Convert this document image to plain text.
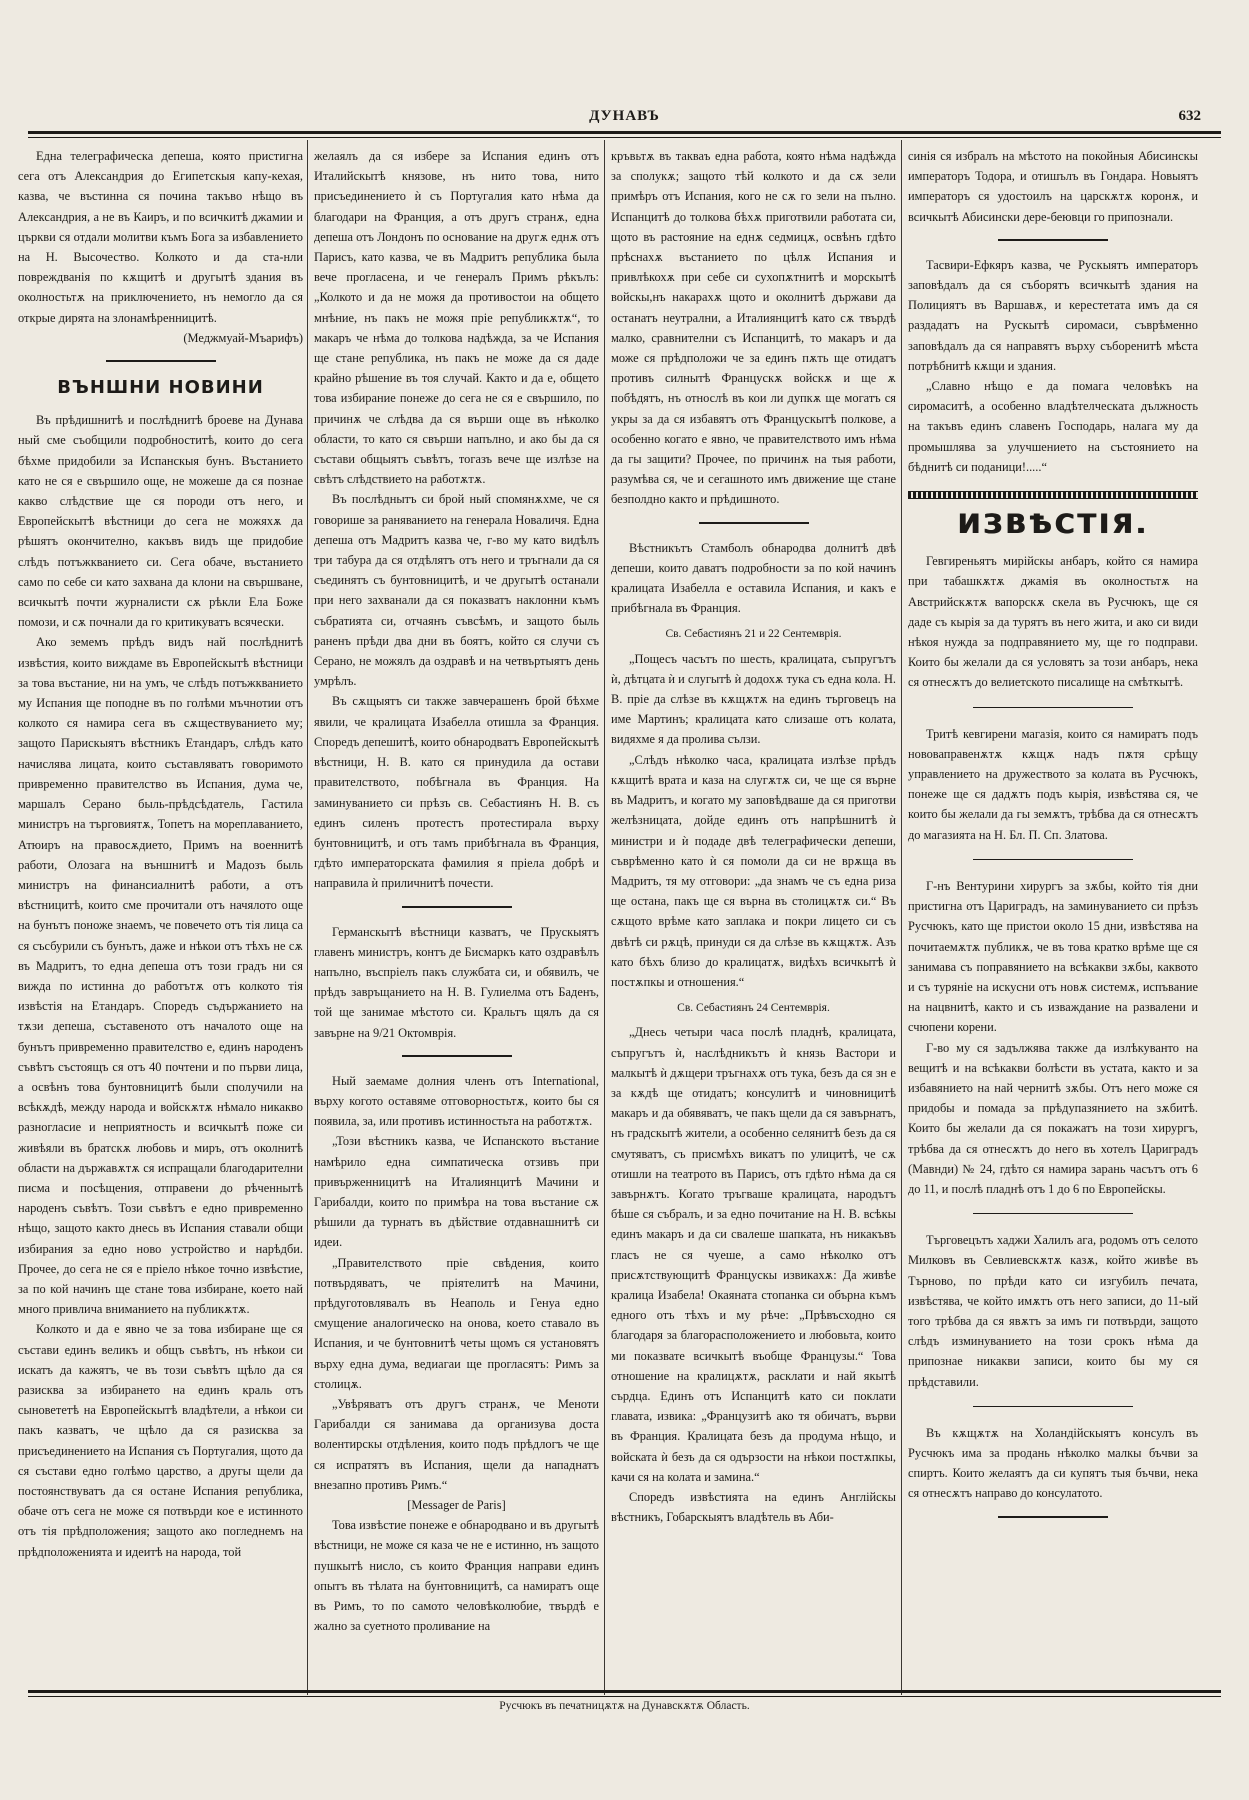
ДУНАВЪ	632

Една телеграфическа депеша, която пристигна сега отъ Александрия до Египетскыя капу-кехая, казва, че въстинна ся почина такъво нѣщо въ Александрия, а не въ Каиръ, и по всичкитѣ джамии и църкви ся отдали молитви къмъ Бога за избавлението на Н. Высочество. Колкото и да ста-нли повреждванія по кѫщитѣ и другытѣ здания въ околностьтѫ на приключението, нъ немогло да ся открые дирята на злонамѣренницитѣ.

(Меджмуай-Мъарифъ)

ВЪНШНИ НОВИНИ

Въ прѣдишнитѣ и послѣднитѣ броеве на Дунава ный сме съобщили подробноститѣ, които до сега бѣхме придобили за Испанскыя бунъ. Въстанието като не ся е свършило още, не можеше да ся познае какво слѣдствие ще ся породи отъ него, и Европейскытѣ вѣстници до сега не можяхѫ да рѣшятъ окончително, какъвъ видъ ще придобие слѣдъ потъжкванието си. Сега обаче, въстанието само по себе си като захвана да клони на свършване, всичкытѣ почти журналисти сѫ рѣкли Ела Боже помози, и сѫ почнали да го критикуватъ всячески.

Ако земемъ прѣдъ видъ най послѣднитѣ извѣстия, които виждаме въ Европейскытѣ вѣстници за това въстание, ни на умъ, че слѣдъ потъжкванието му Испания ще поподне въ по голѣми мъчнотии отъ колкото ся намира сега въ сѫществуванието му; защото Парискыятъ вѣстникъ Етандаръ, слѣдъ като начислява лицата, които съставляватъ говоримото привременно правителство въ Испания, дума че, маршалъ Серано быль-прѣдсѣдатель, Гастила министръ на търговиятѫ, Топетъ на мореплаванието, Атюиръ на правосѫдието, Примъ на военнитѣ работи, Олозага на външнитѣ и Мадозъ быль министръ на финансиалнитѣ работи, а отъ вѣстницитѣ, които сме прочитали отъ начялото още на бунътъ поноже знаемъ, че повечето отъ тія лица са ся съсбурили съ бунътъ, даже и нѣкои отъ тѣхъ не сѫ въ Мадритъ, то една депеша отъ този градъ ни ся вижда по истинна до работътѫ отъ колкото тія извѣстія на Етандаръ. Споредъ съдържанието на тѫзи депеша, съставеното отъ началото още на бунътъ привременно правителство е, единъ народенъ съвѣтъ състоящъ ся отъ 40 почтени и по първи лица, а освѣнъ това бунтовницитѣ были сполучили на всѣкѫдѣ, между народа и войскѫтѫ нѣмало никакво разногласие и неприятность и всичкытѣ поже си живѣяли въ братскѫ любовь и миръ, отъ околнитѣ области на държавѫтѫ ся испращали благодарителни писма и посѣщения, отправени до рѣченнытѣ народенъ съвѣтъ. Този съвѣтъ е едно привременно нѣщо, защото както днесь въ Испания ставали общи избирания за едно ново устройство и нарѣдби. Прочее, до сега не ся е пріело нѣкое точно извѣстие, за по кой начинъ ще стане това избиране, което най много привлича вниманието на публикѫтѫ.

Колкото и да е явно че за това избиране ще ся състави единъ великъ и общъ съвѣтъ, нъ нѣкои си искатъ да кажятъ, че въ този съвѣтъ щѣло да ся разисква за избирането на единъ краль отъ сыновететѣ на Европейскытѣ владѣтели, а нѣкои си пакъ казватъ, че щѣло да ся разисква за присъединението на Испания съ Португалия, щото да ся състави едно голѣмо царство, а другы щели да постоянствуватъ да ся остане Испания република, обаче отъ сега не може ся потвърди кое е истинното отъ тія прѣдположения; защото ако погледнемъ на прѣдположенията и идеитѣ на народа, той

желаялъ да ся избере за Испания единъ отъ Италийскытѣ князове, нъ нито това, нито присъединението ѝ съ Португалия като нѣма да благодари на Франция, а отъ другъ странѫ, една депеша отъ Лондонъ по основание на другѫ еднѫ отъ Парисъ, като казва, че въ Мадритъ република была вече прогласена, и че генералъ Примъ рѣкълъ: „Колкото и да не можя да противостои на общето мнѣние, нъ пакъ не можя пріе републикѫтѫ“, то макаръ че нѣма до толкова надѣжда, за че Испания ще стане република, нъ пакъ не може да ся даде крайно рѣшение въ тоя случай. Както и да е, общето това избирание понеже до сега не ся е свършило, по причинѫ че слѣдва да ся върши още въ нѣколко области, то като ся свърши напълно, и ако бы да ся състави общыятъ съвѣтъ, тогазъ вече ще излѣзе на свѣтъ слѣдствието на работѫтѫ.

Въ послѣднытъ си брой ный спомянѫхме, че ся говорише за раняванието на генерала Новаличя. Една депеша отъ Мадритъ казва че, г-во му като видѣлъ три табура да ся отдѣлятъ отъ него и тръгнали да ся съединятъ съ бунтовницитѣ, и че другытѣ останали при него захванали да ся показватъ наклонни къмъ събратията си, отчаянъ съвсѣмъ, и защото быль раненъ прѣди два дни въ боятъ, който ся случи съ Серано, не можялъ да оздравѣ и на четвъртыятъ день умрѣлъ.

Въ сѫщыятъ си также завчерашенъ брой бѣхме явили, че кралицата Изабелла отишла за Франция. Споредъ депешитѣ, които обнародватъ Европейскытѣ вѣстници, Н. В. като ся принудила да остави правителството, побѣгнала въ Франция. На заминуванието си прѣзъ св. Себастиянъ Н. В. съ единъ силенъ протестъ протестирала върху бунтовницитѣ, и отъ тамъ прибѣгнала въ Франция, гдѣто императорската фамилия я пріела добрѣ и направила ѝ приличнитѣ почести.

Германскытѣ вѣстници казватъ, че Прускыятъ главенъ министръ, контъ де Бисмаркъ като оздравѣлъ напълно, въспріелъ пакъ службата си, и обявилъ, че прѣдъ завръщанието на Н. В. Гулиелма отъ Баденъ, той ще занимае мѣстото си. Кральтъ щялъ да ся завърне на 9/21 Октомврія.

Ный заемаме долния членъ отъ International, върху когото оставяме отговорностьтѫ, които бы ся появила, за, или противъ истинностьта на работѫтѫ.

„Този вѣстникъ казва, че Испанското въстание намѣрило една симпатическа отзивъ при привърженницитѣ на Италиянцитѣ Мачини и Гарибалди, които по примѣра на това въстание сѫ рѣшили да турнатъ въ дѣйствие отдавнашнитѣ си идеи.

„Правителството пріе свѣдения, които потвърдяватъ, че пріятелитѣ на Мачини, прѣдуготовлявалъ въ Неаполь и Генуа едно смущение аналогическо на онова, което ставало въ Испания, и че бунтовнитѣ четы щомъ ся установятъ върху една дума, ведиагаи ще прогласятъ: Римъ за столицѫ.

„Увѣряватъ отъ другъ странѫ, че Меноти Гарибалди ся занимава да организува доста волентирскы отдѣления, които подъ прѣдлогъ че ще ся испратятъ въ Испания, щели да нападнатъ внезапно противъ Римъ.“

[Messager de Paris]

Това извѣстие понеже е обнародвано и въ другытѣ вѣстници, не може ся каза че не е истинно, нъ защото пушкытѣ нисло, съ които Франция направи единъ опытъ въ тѣлата на бунтовницитѣ, са намиратъ още въ Римъ, то по самото человѣколюбие, твърдѣ е жално за суетното проливание на

кръвьтѫ въ такваъ една работа, която нѣма надѣжда за сполукѫ; защото тѣй колкото и да сѫ зели примѣръ отъ Испания, кого не сѫ го зели на пълно. Испанцитѣ до толкова бѣхѫ приготвили работата си, щото въ растояние на еднѫ седмицѫ, освѣнъ гдѣто прѣснахѫ въстанието по цѣлѫ Испания и привлѣкохѫ при себе си сухопѫтнитѣ и морскытѣ войскы,нъ накарахѫ щото и околнитѣ държави да останатъ неутрални, а Италиянцитѣ като сѫ твърдѣ малко, сравнителни съ Испанцитѣ, то макаръ и да може ся прѣдположи че за единъ пѫть ще отидатъ противъ силнытѣ Францускѫ войскѫ и ще ѫ побѣдятъ, нъ относлѣ въ кои ли дупкѫ ще могатъ ся укры за да ся избавятъ отъ Францускытѣ полкове, а особенно когато е явно, че правителството имъ нѣма да гы защити? Прочее, по причинѫ на тыя работи, разумѣва ся, че и сегашното имъ движение ще стане безполдно както и прѣдишното.

Вѣстникътъ Стамболъ обнародва долнитѣ двѣ депеши, които даватъ подробности за по кой начинъ кралицата Изабелла е оставила Испания, и какъ е прибѣгнала въ Франция.

Св. Себастиянъ 21 и 22 Сентемврія.

„Пощесъ часътъ по шесть, кралицата, съпругътъ ѝ, дѣтцата ѝ и слугытѣ ѝ додохѫ тука съ една кола. Н. В. пріе да слѣзе въ кѫщѫтѫ на единъ търговецъ на име Мартинъ; кралицата като слизаше отъ колата, видяхме я да пролива сълзи.

„Слѣдъ нѣколко часа, кралицата излѣзе прѣдъ кѫщитѣ врата и каза на слугѫтѫ си, че ще ся върне въ Мадритъ, и когато му заповѣдваше да ся приготви желѣзницата, дойде единъ отъ напрѣшнитѣ ѝ министри и ѝ подаде двѣ телеграфически депеши, съврѣменно като ѝ ся помоли да си не врѫща въ Мадритъ, тя му отговори: „да знамъ че съ една риза ще остана, пакъ ще ся върна въ столицѫтѫ си.“ Въ сѫщото врѣме като заплака и покри лицето си съ двѣтѣ си рѫцѣ, принуди ся да слѣзе въ кѫщѫтѫ. Азъ като бѣхъ близо до кралицатѫ, видѣхъ всичкытѣ ѝ постѫпкы и отношения.“

Св. Себастиянъ 24 Сентемврія.

„Днесь четыри часа послѣ пладнѣ, кралицата, съпругътъ ѝ, наслѣдникътъ ѝ князь Вастори и малкытѣ ѝ дѫщери тръгнахѫ отъ тука, безъ да ся зн е за кѫдѣ ще отидатъ; консулитѣ и чиновницитѣ макаръ и да обявяватъ, че пакъ щели да ся завърнатъ, нъ градскытѣ жители, а особенно селянитѣ безъ да ся смутяватъ, съ присмѣхъ викатъ по улицитѣ, че сѫ отишли на театрото въ Парисъ, отъ гдѣто нѣма да ся завърнѫтъ. Когато тръгваше кралицата, народътъ бѣше ся събралъ, и за едно почитание на Н. В. всѣкы единъ макаръ и да си свалеше шапката, нъ никакъвъ гласъ не ся чуеше, а само нѣколко отъ присѫтствующитѣ Францускы извикахѫ: Да живѣе кралица Изабела! Окаяната стопанка си обърна къмъ едного отъ тѣхъ и му рѣче: „Прѣвъсходно ся благодаря за благорасположението и любовьта, които ми показвате всичкытѣ въобще Французы.“ Това отношение на кралицѫтѫ, расклати и най якытѣ сърдца. Единъ отъ Испанцитѣ като си поклати главата, извика: „Французитѣ ако тя обичатъ, върви въ Франция. Кралицата безъ да продума нѣщо, и войската ѝ безъ да ся одързости на нѣкои постѫпкы, качи ся на колата и замина.“

Споредъ извѣстията на единъ Англійскы вѣстникъ, Гобарскыятъ владѣтель въ Аби-

синія ся избралъ на мѣстото на покойныя Абисинскы императоръ Тодора, и отишълъ въ Гондара. Новыятъ императоръ ся удостоилъ на царскѫтѫ коронѫ, и всичкытѣ Абисински дере-беювци го припознали.

Тасвири-Ефкяръ казва, че Рускыятъ императоръ заповѣдалъ да ся съборятъ всичкытѣ здания на Полициятъ въ Варшавѫ, и керестетата имъ да ся раздадатъ на Рускытѣ сиромаси, съврѣменно заповѣдалъ да ся направятъ върху съборенитѣ мѣста потрѣбнитѣ кѫщи и здания.

„Славно нѣщо е да помага человѣкъ на сиромаситѣ, а особенно владѣтелческата дължность на такъвъ единъ славенъ Господарь, налага му да промышлява за улучшението на състоянието на бѣднитѣ си поданици!.....“

ИЗВѢСТІЯ.

Гевгиреньятъ мирійскы анбаръ, който ся намира при табашкѫтѫ джамія въ околностьтѫ на Австрийскѫтѫ вапорскѫ скела въ Русчюкъ, ще ся даде съ кырія за да турятъ въ него жита, и ако си види нѣкоя нужда за подправянието му, ще го подправи. Които бы желали да ся условятъ за този анбаръ, нека ся отнесѫтъ до велиетското писалище на смѣткытѣ.

Тритѣ кевгирени магазія, които ся намиратъ подъ нововаправенѫтѫ кѫщѫ надъ пѫтя срѣщу управлението на дружеството за колата въ Русчюкъ, понеже ще ся дадѫтъ подъ кырія, извѣстява ся, че които бы желали да гы земѫтъ, трѣбва да ся отнесѫтъ до магазията на Н. Бл. П. Сп. Златова.

Г-нъ Вентурини хирургъ за зѫбы, който тія дни пристигна отъ Цариградъ, на заминуванието си прѣзъ Русчюкъ, като ще пристои около 15 дни, извѣстява на почитаемѫтѫ публикѫ, че въ това кратко врѣме ще ся занимава съ поправянието на всѣкакви зѫбы, каквото и съ турянie на искусни отъ новѫ системѫ, испъвание на нацвнитѣ, както и съ изваждание на развалени и счюпени корени.

Г-во му ся задължява также да излѣкуванто на вещитѣ и на всѣкакви болѣсти въ устата, както и за избавянието на най чернитѣ зѫбы. Отъ него може ся придобы и помада за прѣдупазянието на зѫбитѣ. Които бы желали да ся покажатъ на този хирургъ, трѣбва да ся отнесѫтъ до него въ хотелъ Цариградъ (Мавнди) № 24, гдѣто ся намира зарань часътъ отъ 6 до 11, и послѣ пладнѣ отъ 1 до 6 по Европейскы.

Търговецътъ хаджи Халилъ ага, родомъ отъ селото Милковъ въ Севлиевскѫтѫ казѫ, който живѣе въ Търново, по прѣди като си изгубилъ печата, извѣстява, че който имѫтъ отъ него записи, до 11-ый того трѣбва да ся явѫтъ за имъ ги потвърди, защото слѣдъ изминуванието на този срокъ нѣма да припознае никакви записи, които бы му ся прѣдставили.

Въ кѫщѫтѫ на Холандійскыятъ консулъ въ Русчюкъ има за продань нѣколко малкы бъчви за спиртъ. Които желаятъ да си купятъ тыя бъчви, нека ся отнесѫтъ направо до консулатото.

Русчюкъ въ печатницѫтѫ на Дунавскѫтѫ Область.
